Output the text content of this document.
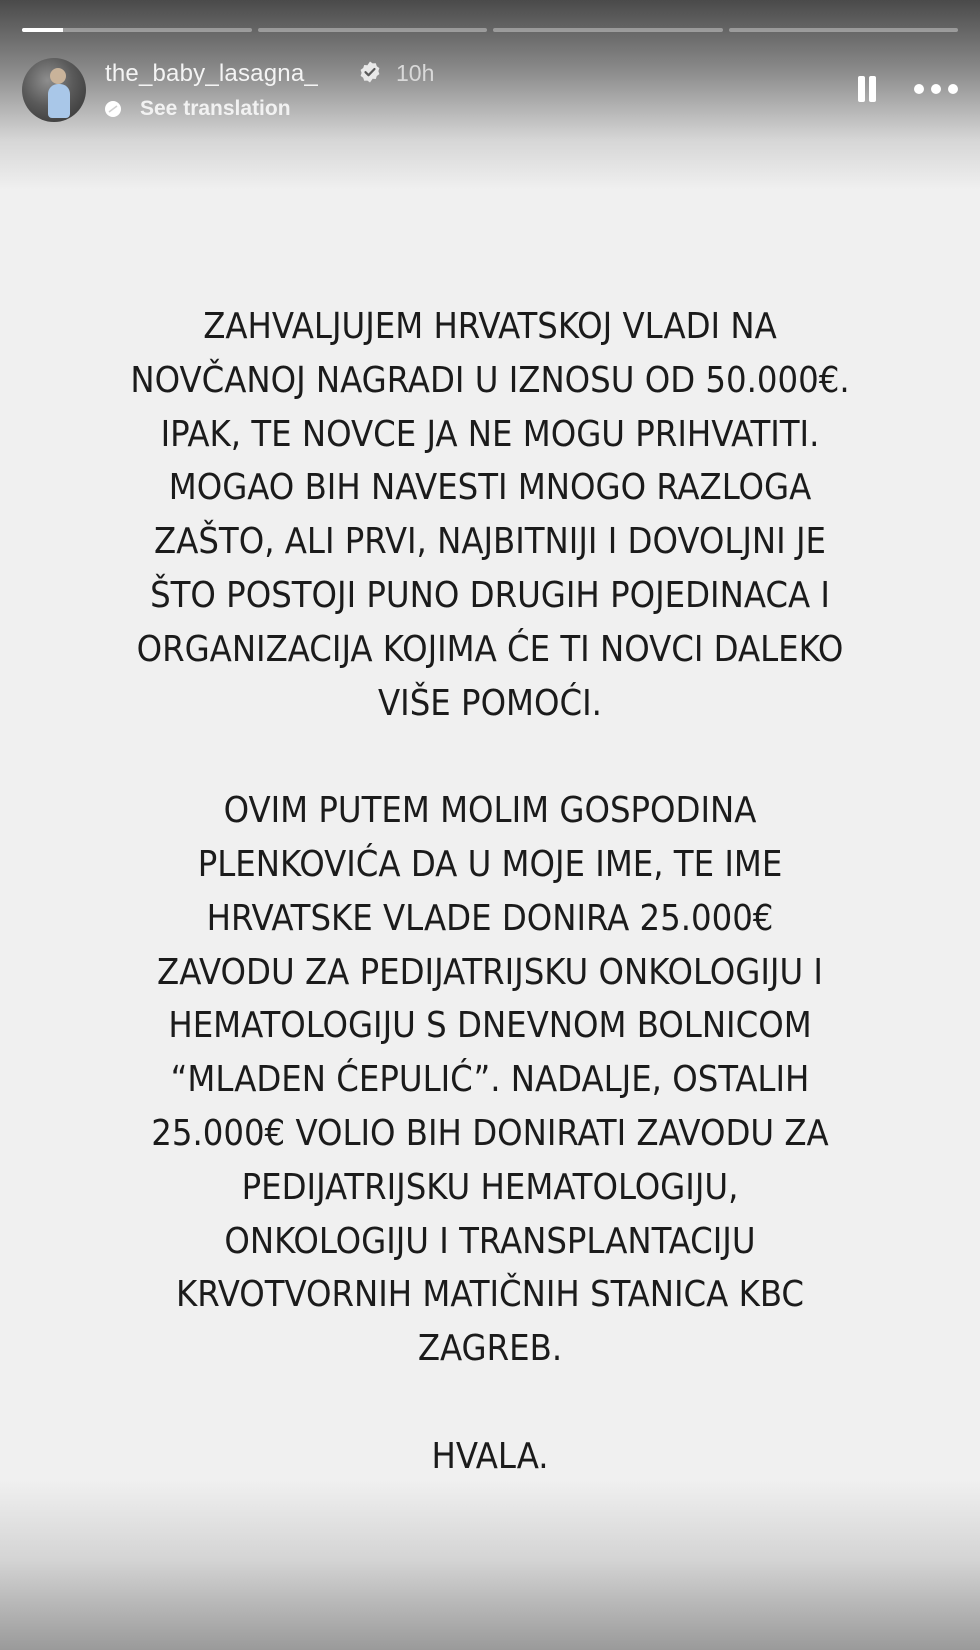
the_baby_lasagna_	10h
See translation

ZAHVALJUJEM HRVATSKOJ VLADI NA
NOVČANOJ NAGRADI U IZNOSU OD 50.000€.
IPAK, TE NOVCE JA NE MOGU PRIHVATITI.
MOGAO BIH NAVESTI MNOGO RAZLOGA
ZAŠTO, ALI PRVI, NAJBITNIJI I DOVOLJNI JE
ŠTO POSTOJI PUNO DRUGIH POJEDINACA I
ORGANIZACIJA KOJIMA ĆE TI NOVCI DALEKO
VIŠE POMOĆI.

OVIM PUTEM MOLIM GOSPODINA
PLENKOVIĆA DA U MOJE IME, TE IME
HRVATSKE VLADE DONIRA 25.000€
ZAVODU ZA PEDIJATRIJSKU ONKOLOGIJU I
HEMATOLOGIJU S DNEVNOM BOLNICOM
“MLADEN ĆEPULIĆ”. NADALJE, OSTALIH
25.000€ VOLIO BIH DONIRATI ZAVODU ZA
PEDIJATRIJSKU HEMATOLOGIJU,
ONKOLOGIJU I TRANSPLANTACIJU
KRVOTVORNIH MATIČNIH STANICA KBC
ZAGREB.

HVALA.
